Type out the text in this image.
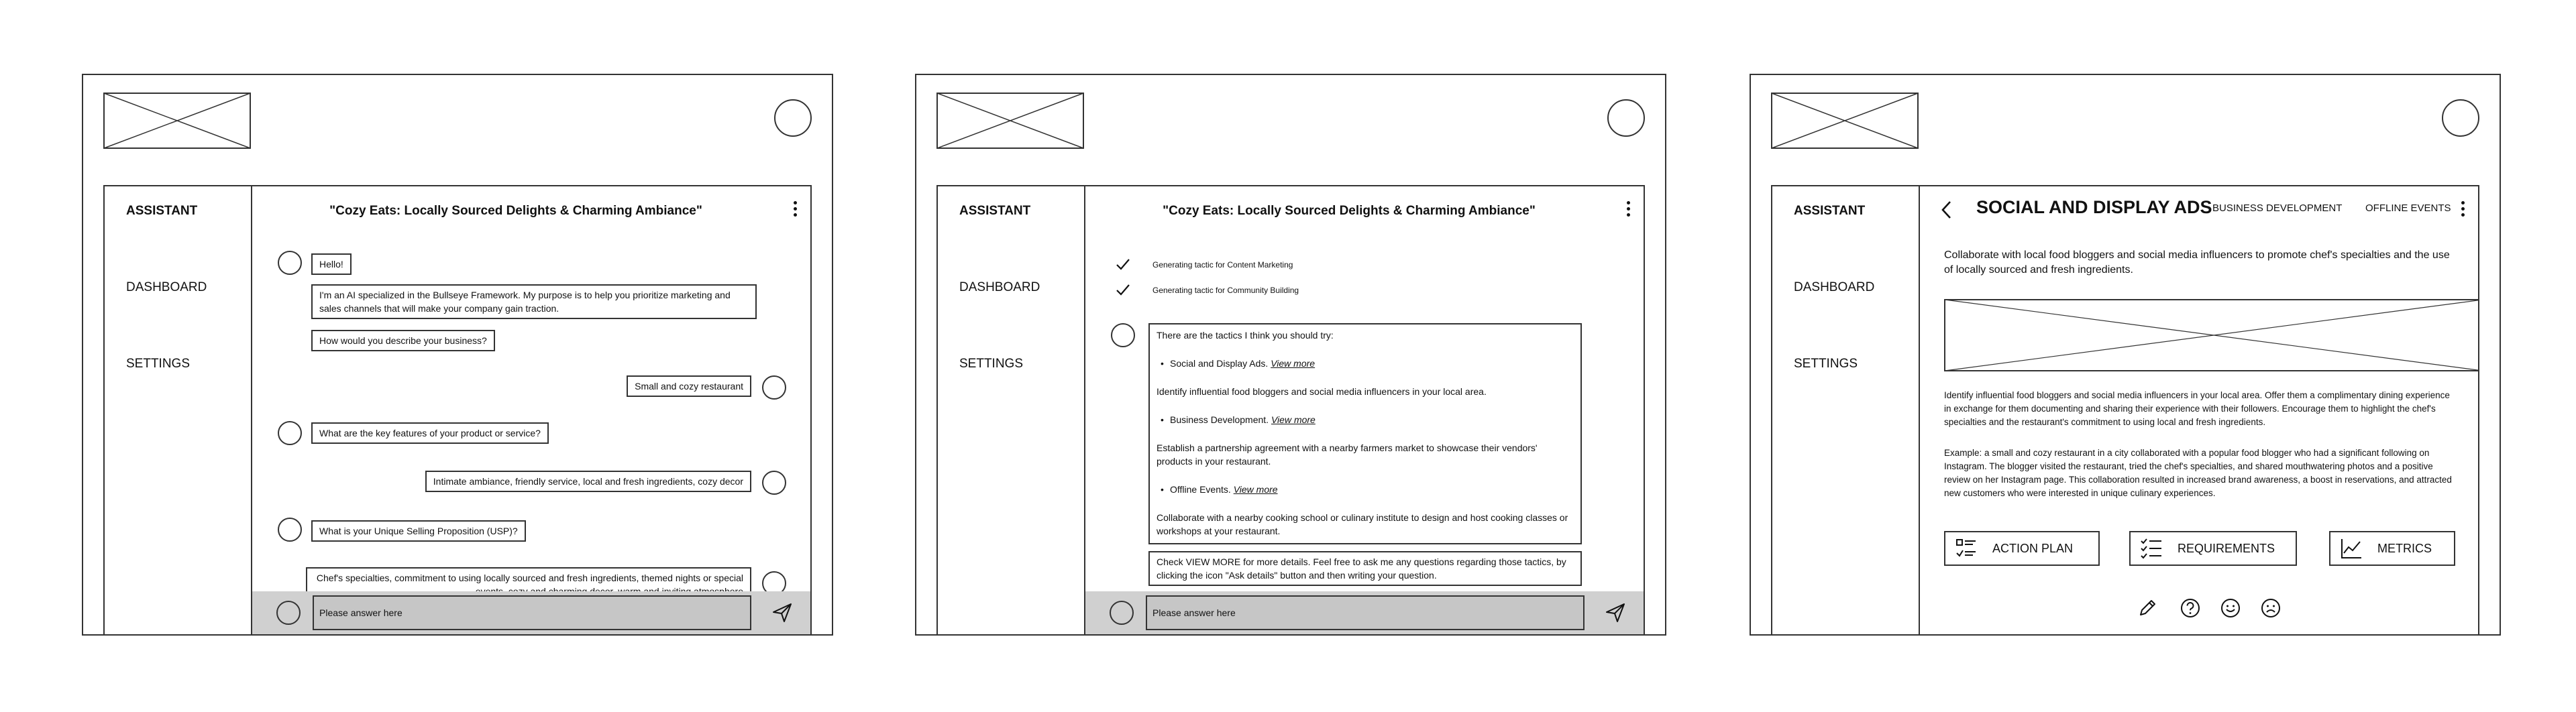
ASSISTANT
DASHBOARD
SETTINGS
"Cozy Eats: Locally Sourced Delights & Charming Ambiance"
Hello!
I'm an AI specialized in the Bullseye Framework. My purpose is to help you prioritize marketing and sales channels that will make your company gain traction.
How would you describe your business?
Small and cozy restaurant
What are the key features of your product or service?
Intimate ambiance, friendly service, local and fresh ingredients, cozy decor
What is your Unique Selling Proposition (USP)?
Chef's specialties, commitment to using locally sourced and fresh ingredients, themed nights or special
Please answer here
ASSISTANT
DASHBOARD
SETTINGS
"Cozy Eats: Locally Sourced Delights & Charming Ambiance"
Generating tactic for Content Marketing
Generating tactic for Community Building

There are the tactics I think you should try:

• Social and Display Ads. View more

Identify influential food bloggers and social media influencers in your local area.

• Business Development. View more

Establish a partnership agreement with a nearby farmers market to showcase their vendors' products in your restaurant.

• Offline Events. View more

Collaborate with a nearby cooking school or culinary institute to design and host cooking classes or workshops at your restaurant.

Check VIEW MORE for more details. Feel free to ask me any questions regarding those tactics, by clicking the icon "Ask details" button and then writing your question.
Please answer here
ASSISTANT
DASHBOARD
SETTINGS
SOCIAL AND DISPLAY ADS BUSINESS DEVELOPMENT OFFLINE EVENTS
Collaborate with local food bloggers and social media influencers to promote chef's specialties and the use of locally sourced and fresh ingredients.
Identify influential food bloggers and social media influencers in your local area. Offer them a complimentary dining experience in exchange for them documenting and sharing their experience with their followers. Encourage them to highlight the chef's specialties and the restaurant's commitment to using local and fresh ingredients.
Example: a small and cozy restaurant in a city collaborated with a popular food blogger who had a significant following on Instagram. The blogger visited the restaurant, tried the chef's specialties, and shared mouthwatering photos and a positive review on her Instagram page. This collaboration resulted in increased brand awareness, a boost in reservations, and attracted new customers who were interested in unique culinary experiences.
ACTION PLAN	REQUIREMENTS	METRICS
